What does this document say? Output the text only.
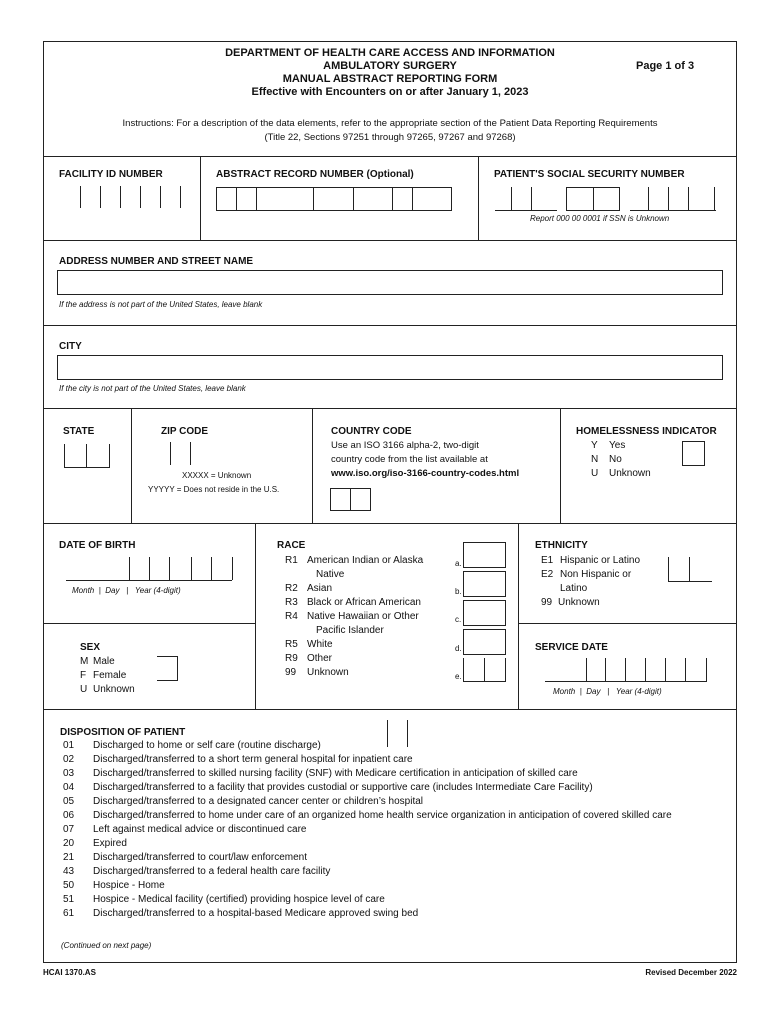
DEPARTMENT OF HEALTH CARE ACCESS AND INFORMATION
AMBULATORY SURGERY
MANUAL ABSTRACT REPORTING FORM
Effective with Encounters on or after January 1, 2023
Page 1 of 3
Instructions: For a description of the data elements, refer to the appropriate section of the Patient Data Reporting Requirements
(Title 22, Sections 97251 through 97265, 97267 and 97268)
FACILITY ID NUMBER	ABSTRACT RECORD NUMBER (Optional)	PATIENT'S SOCIAL SECURITY NUMBER
Report 000 00 0001 if SSN is Unknown
ADDRESS NUMBER AND STREET NAME
If the address is not part of the United States, leave blank
CITY
If the city is not part of the United States, leave blank
STATE	ZIP CODE
XXXXX = Unknown
YYYYY = Does not reside in the U.S.
COUNTRY CODE
Use an ISO 3166 alpha-2, two-digit
country code from the list available at
www.iso.org/iso-3166-country-codes.html
HOMELESSNESS INDICATOR
Y Yes
N No
U Unknown
DATE OF BIRTH
Month | Day | Year (4-digit)
SEX
M Male
F Female
U Unknown
RACE
R1 American Indian or Alaska
Native
R2 Asian
R3 Black or African American
R4 Native Hawaiian or Other
Pacific Islander
R5 White
R9 Other
99 Unknown
a.
b.
c.
d.
e.
ETHNICITY
E1 Hispanic or Latino
E2 Non Hispanic or
Latino
99 Unknown
SERVICE DATE
Month | Day | Year (4-digit)
DISPOSITION OF PATIENT
01 Discharged to home or self care (routine discharge)
02 Discharged/transferred to a short term general hospital for inpatient care
03 Discharged/transferred to skilled nursing facility (SNF) with Medicare certification in anticipation of skilled care
04 Discharged/transferred to a facility that provides custodial or supportive care (includes Intermediate Care Facility)
05 Discharged/transferred to a designated cancer center or children’s hospital
06 Discharged/transferred to home under care of an organized home health service organization in anticipation of covered skilled care
07 Left against medical advice or discontinued care
20 Expired
21 Discharged/transferred to court/law enforcement
43 Discharged/transferred to a federal health care facility
50 Hospice - Home
51 Hospice - Medical facility (certified) providing hospice level of care
61 Discharged/transferred to a hospital-based Medicare approved swing bed
(Continued on next page)
HCAI 1370.AS	Revised December 2022
